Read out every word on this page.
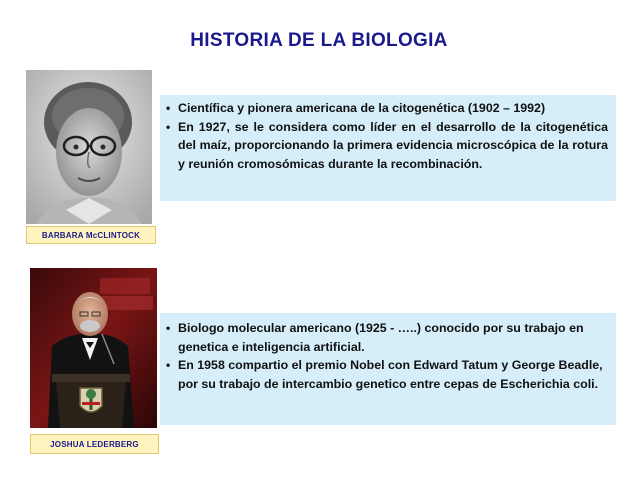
HISTORIA DE LA BIOLOGIA
BARBARA McCLINTOCK
• Científica y pionera americana de la citogenética (1902 – 1992)
• En 1927, se le considera como líder en el desarrollo de la citogenética del maíz, proporcionando la primera evidencia microscópica de la rotura y reunión cromosómicas durante la recombinación.
JOSHUA LEDERBERG
• Biologo molecular americano (1925 - …..) conocido por su trabajo en genetica e inteligencia artificial.
• En 1958 compartio el premio Nobel con Edward Tatum y George Beadle, por su trabajo de intercambio genetico entre cepas de Escherichia coli.
